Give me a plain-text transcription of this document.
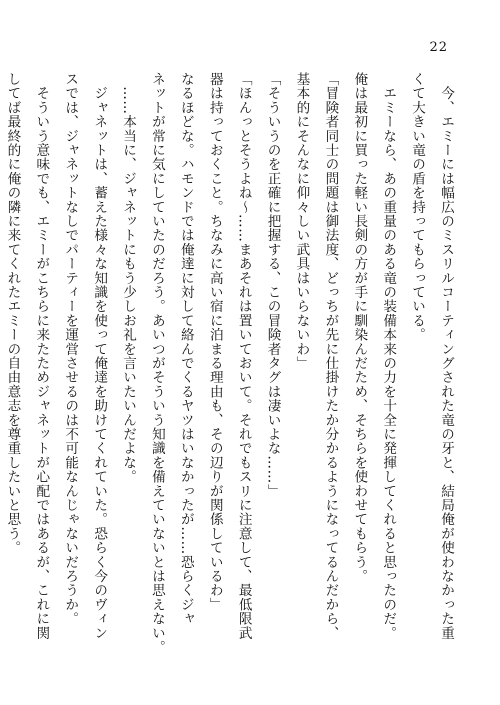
22
　今、エミーには幅広のミスリルコーティングされた竜の牙と、結局俺が使わなかった重
くて大きい竜の盾を持ってもらっている。
　エミーなら、あの重量のある竜の装備本来の力を十全に発揮してくれると思ったのだ。
俺は最初に買った軽い長剣の方が手に馴染んだため、そちらを使わせてもらう。
「冒険者同士の問題は御法度、どっちが先に仕掛けたか分かるようになってるんだから、
基本的にそんなに仰々しい武具はいらないわ」
「そういうのを正確に把握する、この冒険者タグは凄いよな……」
「ほんっとそうよね～……まあそれは置いておいて。それでもスリに注意して、最低限武
器は持っておくこと。ちなみに高い宿に泊まる理由も、その辺りが関係しているわ」
なるほどな。ハモンドでは俺達に対して絡んでくるヤツはいなかったが……恐らくジャ
ネットが常に気にしていたのだろう。あいつがそういう知識を備えていないとは思えない。
　……本当に、ジャネットにもう少しお礼を言いたいんだよな。
　ジャネットは、蓄えた様々な知識を使って俺達を助けてくれていた。恐らく今のヴィン
スでは、ジャネットなしでパーティーを運営させるのは不可能なんじゃないだろうか。
　そういう意味でも、エミーがこちらに来たためジャネットが心配ではあるが、これに関
してば最終的に俺の隣に来てくれたエミーの自由意志を尊重したいと思う。
